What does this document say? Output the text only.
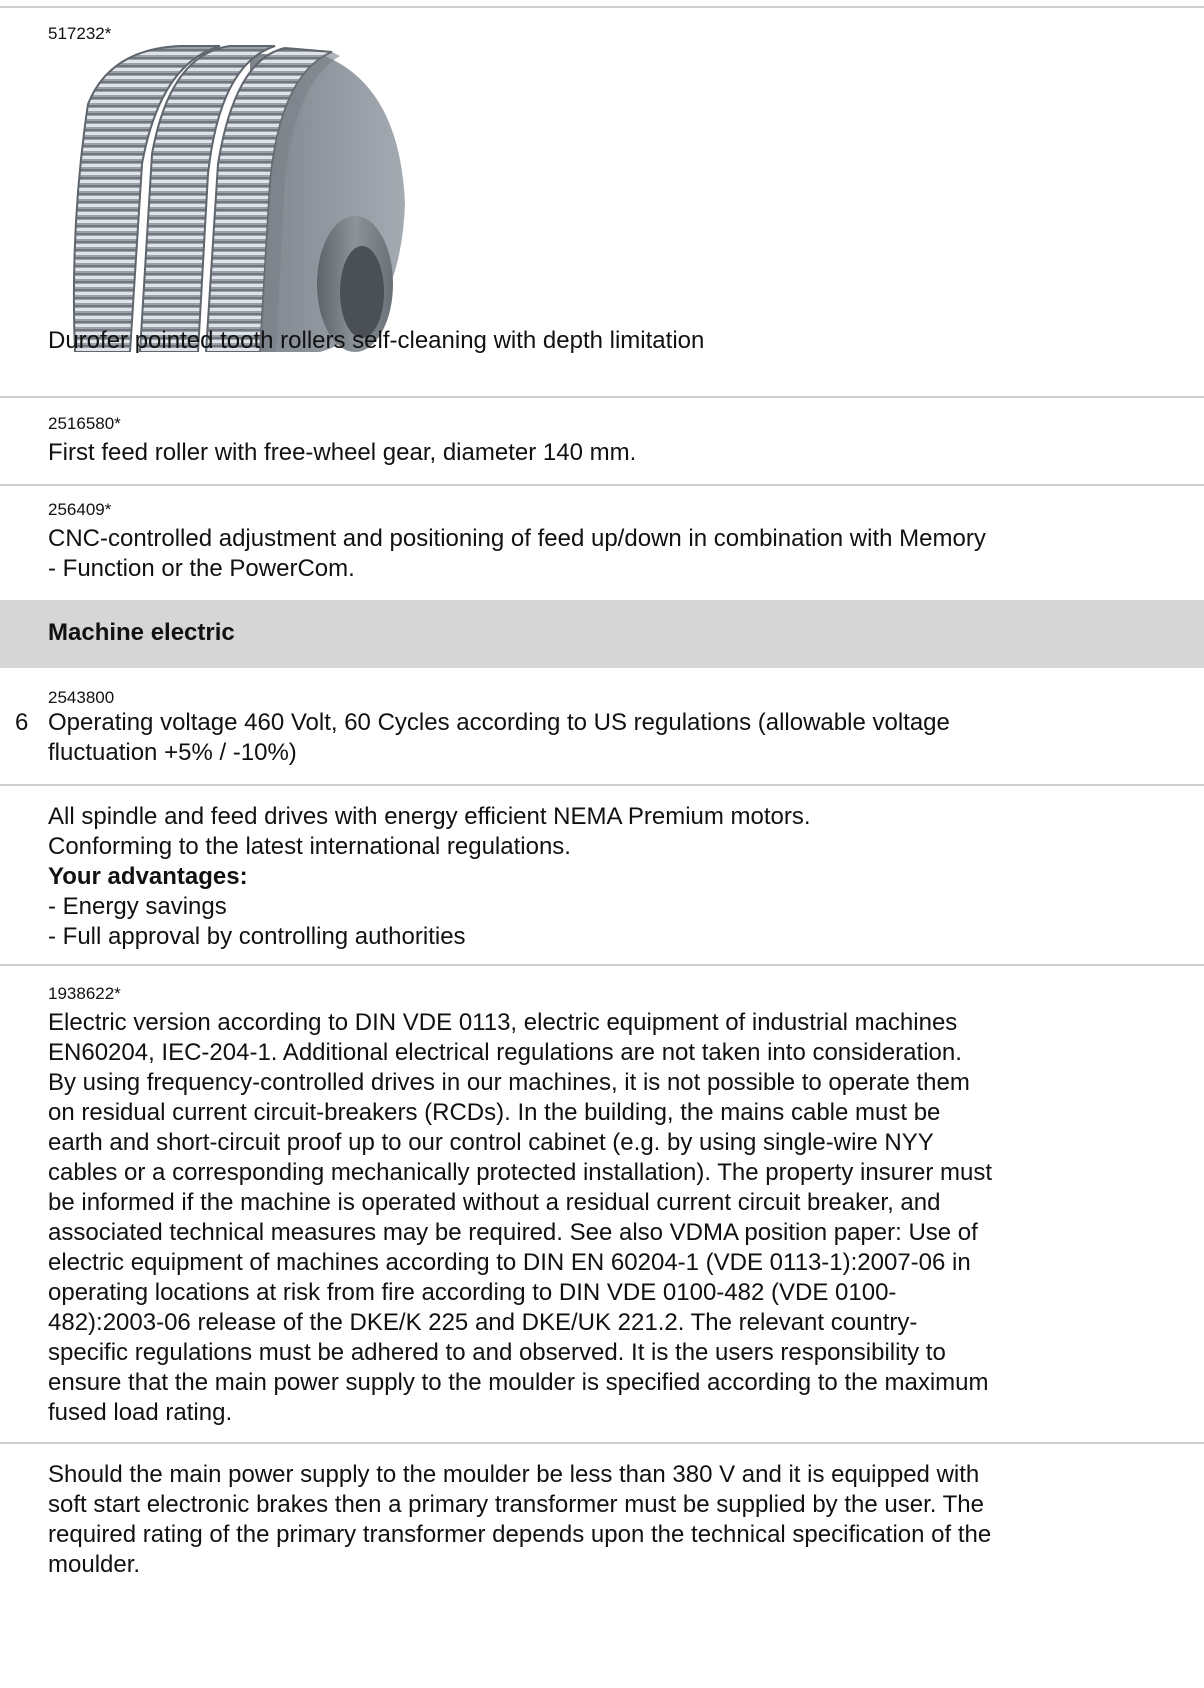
517232*
Durofer pointed tooth rollers self-cleaning with depth limitation
2516580*
First feed roller with free-wheel gear, diameter 140 mm.
256409*

CNC-controlled adjustment and positioning of feed up/down in combination with Memory

- Function or the PowerCom.

Machine electric
2543800
6 Operating voltage 460 Volt, 60 Cycles according to US regulations (allowable voltage

fluctuation +5% / -10%)

All spindle and feed drives with energy efficient NEMA Premium motors.

Conforming to the latest international regulations.

Your advantages:

- Energy savings

- Full approval by controlling authorities

1938622*

Electric version according to DIN VDE 0113, electric equipment of industrial machines

EN60204, IEC-204-1. Additional electrical regulations are not taken into consideration.

By using frequency-controlled drives in our machines, it is not possible to operate them

on residual current circuit-breakers (RCDs). In the building, the mains cable must be

earth and short-circuit proof up to our control cabinet (e.g. by using single-wire NYY

cables or a corresponding mechanically protected installation). The property insurer must

be informed if the machine is operated without a residual current circuit breaker, and

associated technical measures may be required. See also VDMA position paper: Use of

electric equipment of machines according to DIN EN 60204-1 (VDE 0113-1):2007-06 in

operating locations at risk from fire according to DIN VDE 0100-482 (VDE 0100-

482):2003-06 release of the DKE/K 225 and DKE/UK 221.2. The relevant country-

specific regulations must be adhered to and observed. It is the users responsibility to

ensure that the main power supply to the moulder is specified according to the maximum

fused load rating.

Should the main power supply to the moulder be less than 380 V and it is equipped with

soft start electronic brakes then a primary transformer must be supplied by the user. The

required rating of the primary transformer depends upon the technical specification of the

moulder.
